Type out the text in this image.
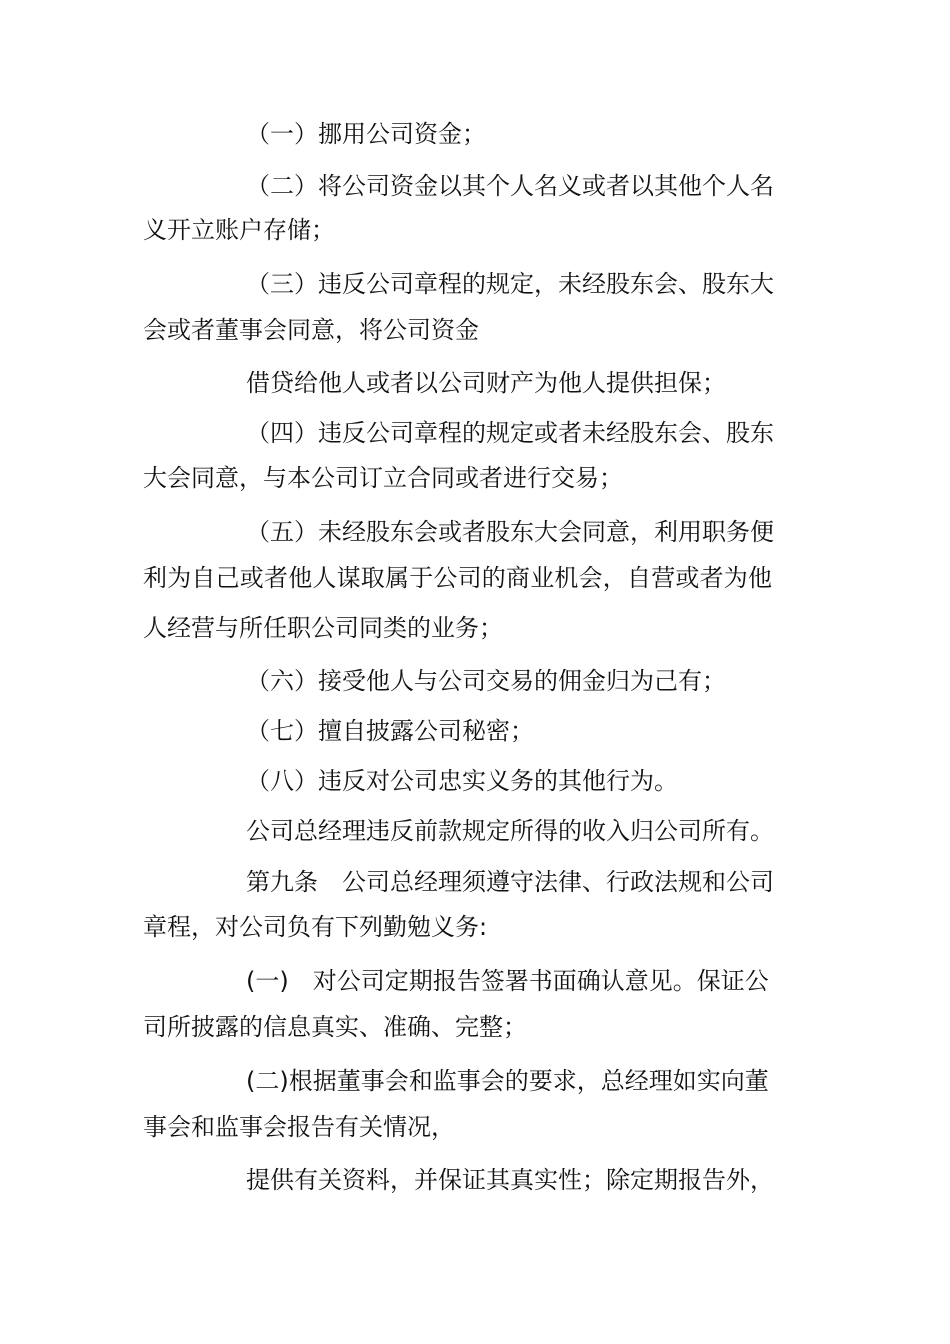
（一）挪用公司资金；

（二）将公司资金以其个人名义或者以其他个人名

义开立账户存储；

（三）违反公司章程的规定，未经股东会、股东大

会或者董事会同意，将公司资金

借贷给他人或者以公司财产为他人提供担保；

（四）违反公司章程的规定或者未经股东会、股东

大会同意，与本公司订立合同或者进行交易；

（五）未经股东会或者股东大会同意，利用职务便

利为自己或者他人谋取属于公司的商业机会，自营或者为他

人经营与所任职公司同类的业务；

（六）接受他人与公司交易的佣金归为己有；

（七）擅自披露公司秘密；

（八）违反对公司忠实义务的其他行为。

公司总经理违反前款规定所得的收入归公司所有。

第九条　公司总经理须遵守法律、行政法规和公司

章程，对公司负有下列勤勉义务:

(一)　对公司定期报告签署书面确认意见。保证公

司所披露的信息真实、准确、完整；

(二)根据董事会和监事会的要求，总经理如实向董

事会和监事会报告有关情况，

提供有关资料，并保证其真实性；除定期报告外，
